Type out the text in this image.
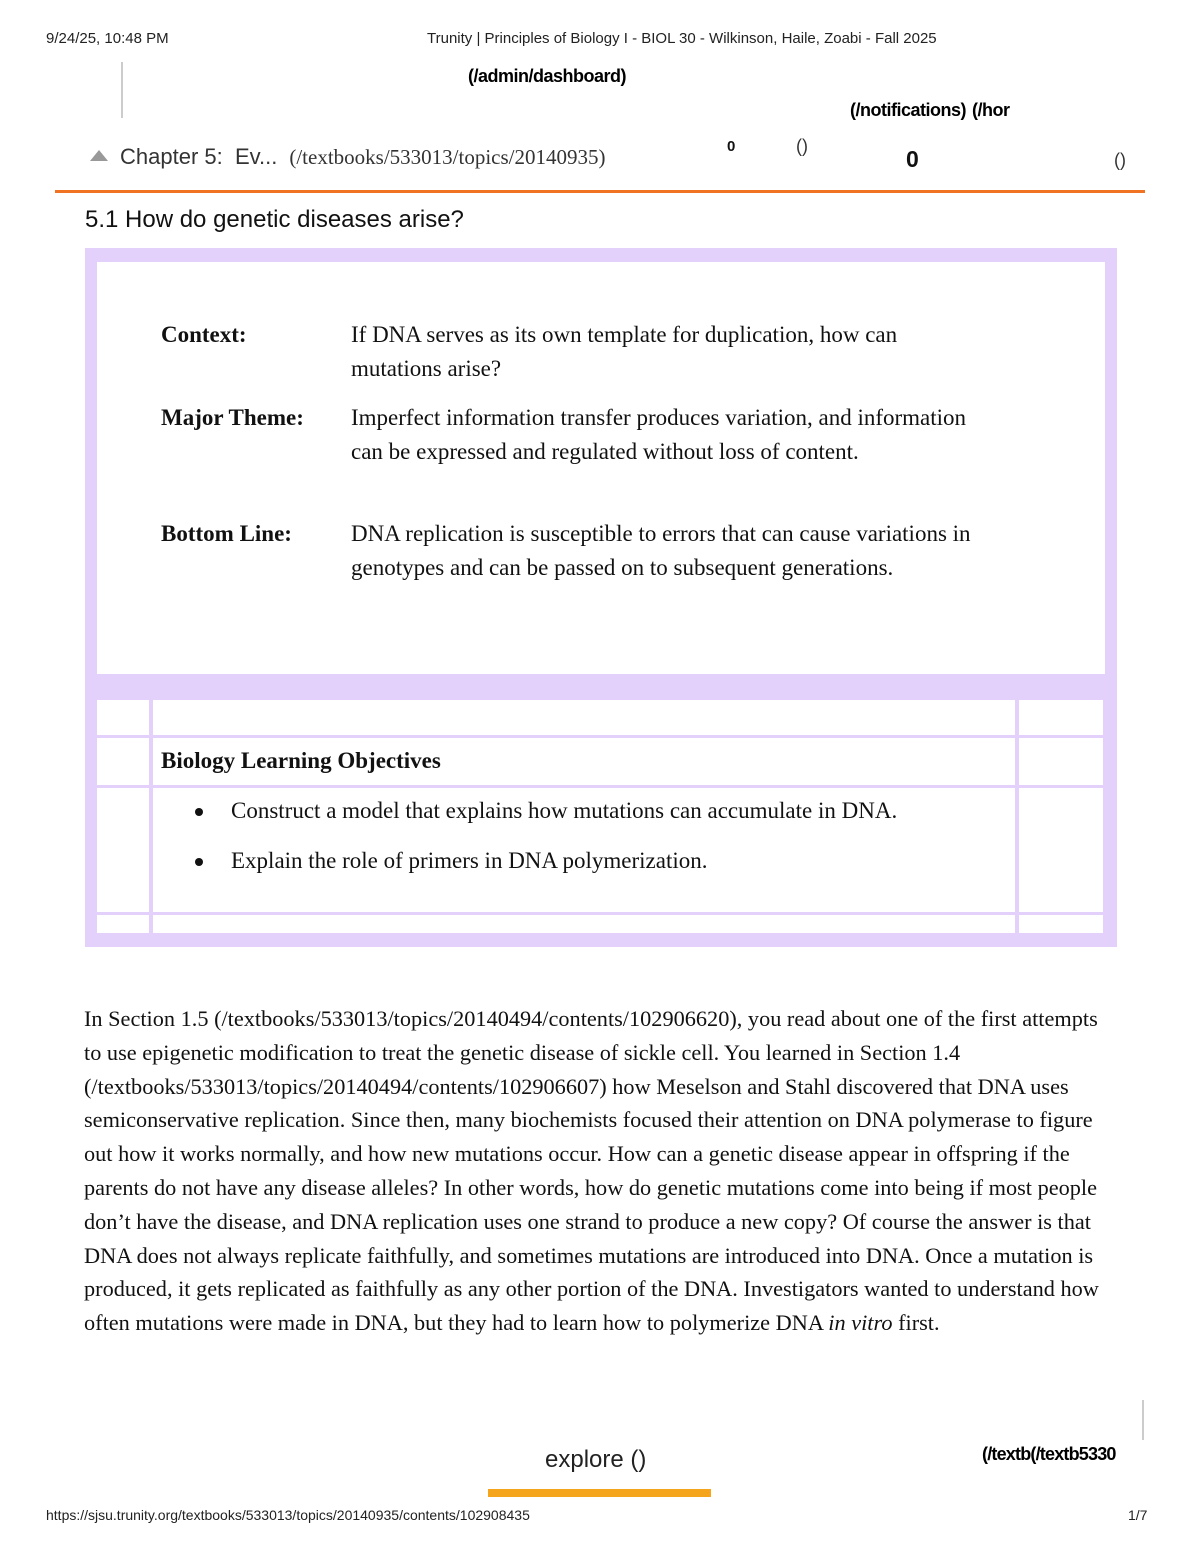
9/24/25, 10:48 PM	Trunity | Principles of Biology I - BIOL 30 - Wilkinson, Haile, Zoabi - Fall 2025
(/admin/dashboard)
(/notifications) (/hor
Chapter 5: Ev... (/textbooks/533013/topics/20140935)	0	()	0	()
5.1 How do genetic diseases arise?
Context:	If DNA serves as its own template for duplication, how can mutations arise?
Major Theme: Imperfect information transfer produces variation, and information can be expressed and regulated without loss of content.
Bottom Line:	DNA replication is susceptible to errors that can cause variations in genotypes and can be passed on to subsequent generations.
Biology Learning Objectives
Construct a model that explains how mutations can accumulate in DNA.
Explain the role of primers in DNA polymerization.

In Section 1.5 (/textbooks/533013/topics/20140494/contents/102906620), you read about one of the first attempts to use epigenetic modification to treat the genetic disease of sickle cell. You learned in Section 1.4 (/textbooks/533013/topics/20140494/contents/102906607) how Meselson and Stahl discovered that DNA uses semiconservative replication. Since then, many biochemists focused their attention on DNA polymerase to figure out how it works normally, and how new mutations occur. How can a genetic disease appear in offspring if the parents do not have any disease alleles? In other words, how do genetic mutations come into being if most people don’t have the disease, and DNA replication uses one strand to produce a new copy? Of course the answer is that DNA does not always replicate faithfully, and sometimes mutations are introduced into DNA. Once a mutation is produced, it gets replicated as faithfully as any other portion of the DNA. Investigators wanted to understand how often mutations were made in DNA, but they had to learn how to polymerize DNA in vitro first.

explore ()	(/textb(/textb5330
https://sjsu.trunity.org/textbooks/533013/topics/20140935/contents/102908435	1/7
